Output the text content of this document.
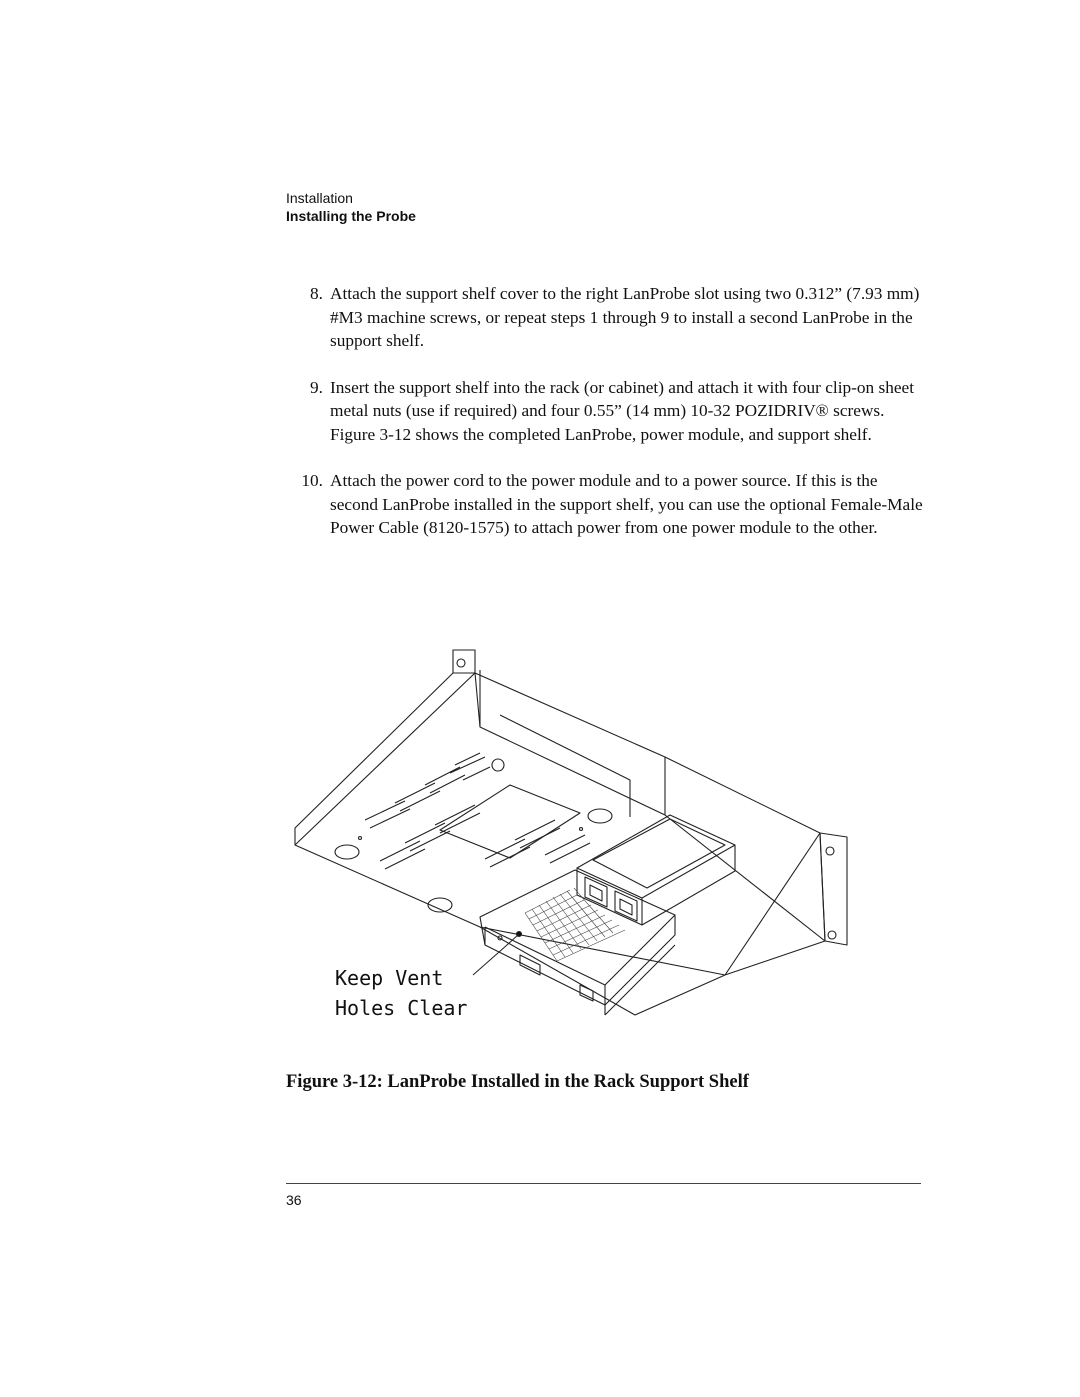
Installation
Installing the Probe
8. Attach the support shelf cover to the right LanProbe slot using two 0.312” (7.93 mm) #M3 machine screws, or repeat steps 1 through 9 to install a second LanProbe in the support shelf.
9. Insert the support shelf into the rack (or cabinet) and attach it with four clip-on sheet metal nuts (use if required) and four 0.55” (14 mm) 10-32 POZIDRIV® screws. Figure 3-12 shows the completed LanProbe, power module, and support shelf.
10. Attach the power cord to the power module and to a power source. If this is the second LanProbe installed in the support shelf, you can use the optional Female-Male Power Cable (8120-1575) to attach power from one power module to the other.
Keep Vent
Holes Clear
Figure 3-12: LanProbe Installed in the Rack Support Shelf
36
